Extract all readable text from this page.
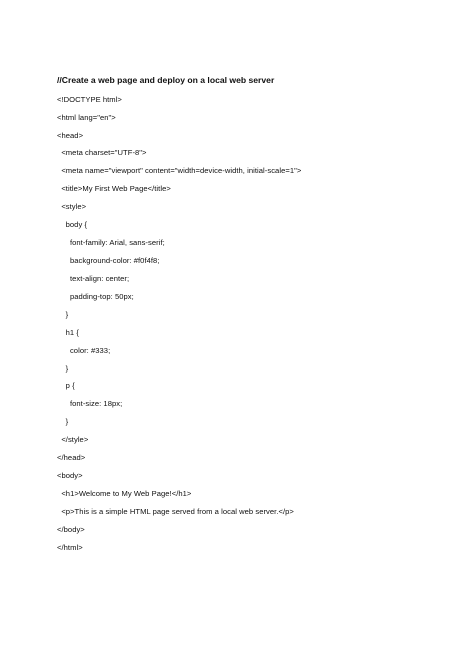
//Create a web page and deploy on a local web server
<!DOCTYPE html>
<html lang="en">
<head>
<meta charset="UTF-8">
<meta name="viewport" content="width=device-width, initial-scale=1">
<title>My First Web Page</title>
<style>
body {
font-family: Arial, sans-serif;
background-color: #f0f4f8;
text-align: center;
padding-top: 50px;
}
h1 {
color: #333;
}
p {
font-size: 18px;
}
</style>
</head>
<body>
<h1>Welcome to My Web Page!</h1>
<p>This is a simple HTML page served from a local web server.</p>
</body>
</html>
